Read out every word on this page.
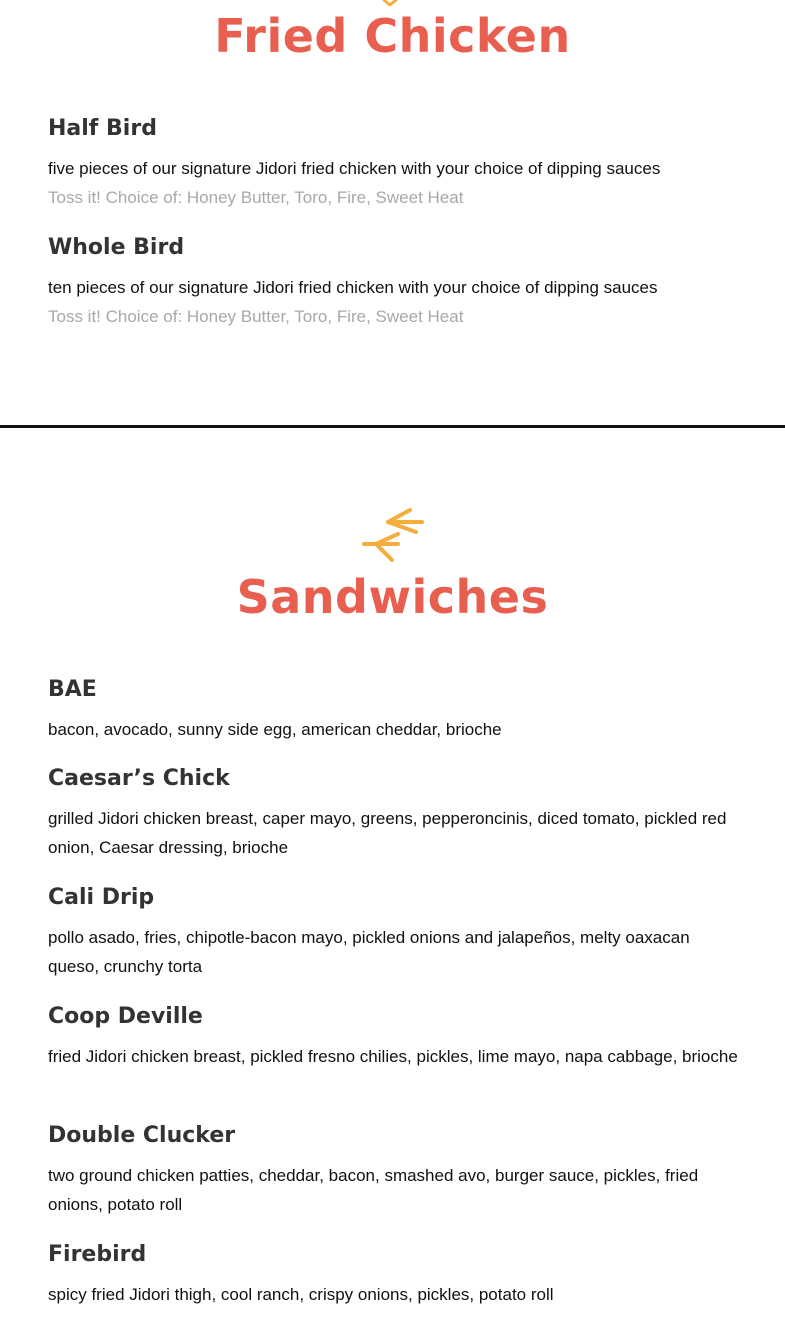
Fried Chicken
Half Bird

five pieces of our signature Jidori fried chicken with your choice of dipping sauces

Toss it! Choice of: Honey Butter, Toro, Fire, Sweet Heat

Whole Bird

ten pieces of our signature Jidori fried chicken with your choice of dipping sauces

Toss it! Choice of: Honey Butter, Toro, Fire, Sweet Heat

Sandwiches
BAE

bacon, avocado, sunny side egg, american cheddar, brioche

Caesar’s Chick

grilled Jidori chicken breast, caper mayo, greens, pepperoncinis, diced tomato, pickled red onion, Caesar dressing, brioche

Cali Drip

pollo asado, fries, chipotle-bacon mayo, pickled onions and jalapeños, melty oaxacan queso, crunchy torta

Coop Deville

fried Jidori chicken breast, pickled fresno chilies, pickles, lime mayo, napa cabbage, brioche

Double Clucker

two ground chicken patties, cheddar, bacon, smashed avo, burger sauce, pickles, fried onions, potato roll

Firebird

spicy fried Jidori thigh, cool ranch, crispy onions, pickles, potato roll
